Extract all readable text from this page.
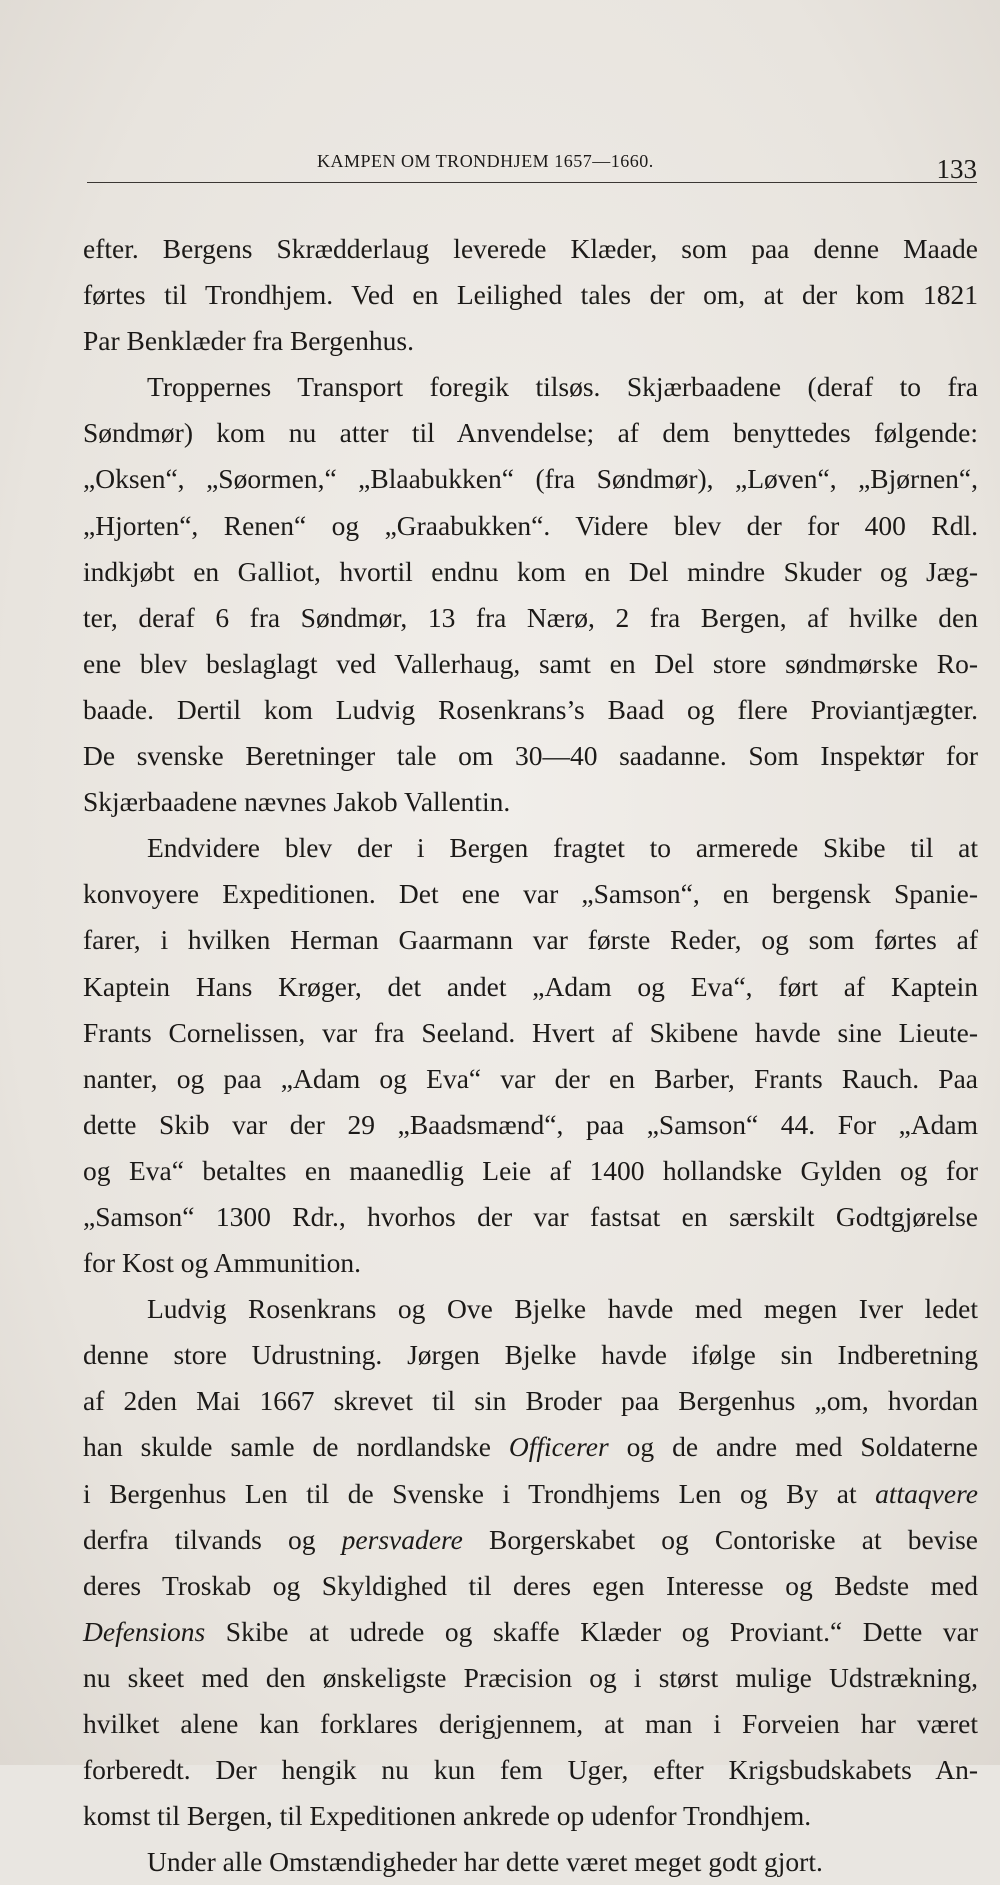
KAMPEN OM TRONDHJEM 1657—1660.	133
efter. Bergens Skrædderlaug leverede Klæder, som paa denne Maade
førtes til Trondhjem. Ved en Leilighed tales der om, at der kom 1821
Par Benklæder fra Bergenhus.
Troppernes Transport foregik tilsøs. Skjærbaadene (deraf to fra
Søndmør) kom nu atter til Anvendelse; af dem benyttedes følgende:
„Oksen“, „Søormen,“ „Blaabukken“ (fra Søndmør), „Løven“, „Bjørnen“,
„Hjorten“, Renen“ og „Graabukken“. Videre blev der for 400 Rdl.
indkjøbt en Galliot, hvortil endnu kom en Del mindre Skuder og Jæg-
ter, deraf 6 fra Søndmør, 13 fra Nærø, 2 fra Bergen, af hvilke den
ene blev beslaglagt ved Vallerhaug, samt en Del store søndmørske Ro-
baade. Dertil kom Ludvig Rosenkrans’s Baad og flere Proviantjægter.
De svenske Beretninger tale om 30—40 saadanne. Som Inspektør for
Skjærbaadene nævnes Jakob Vallentin.
Endvidere blev der i Bergen fragtet to armerede Skibe til at
konvoyere Expeditionen. Det ene var „Samson“, en bergensk Spanie-
farer, i hvilken Herman Gaarmann var første Reder, og som førtes af
Kaptein Hans Krøger, det andet „Adam og Eva“, ført af Kaptein
Frants Cornelissen, var fra Seeland. Hvert af Skibene havde sine Lieute-
nanter, og paa „Adam og Eva“ var der en Barber, Frants Rauch. Paa
dette Skib var der 29 „Baadsmænd“, paa „Samson“ 44. For „Adam
og Eva“ betaltes en maanedlig Leie af 1400 hollandske Gylden og for
„Samson“ 1300 Rdr., hvorhos der var fastsat en særskilt Godtgjørelse
for Kost og Ammunition.
Ludvig Rosenkrans og Ove Bjelke havde med megen Iver ledet
denne store Udrustning. Jørgen Bjelke havde ifølge sin Indberetning
af 2den Mai 1667 skrevet til sin Broder paa Bergenhus „om, hvordan
han skulde samle de nordlandske Officerer og de andre med Soldaterne
i Bergenhus Len til de Svenske i Trondhjems Len og By at attaqvere
derfra tilvands og persvadere Borgerskabet og Contoriske at bevise
deres Troskab og Skyldighed til deres egen Interesse og Bedste med
Defensions Skibe at udrede og skaffe Klæder og Proviant.“ Dette var
nu skeet med den ønskeligste Præcision og i størst mulige Udstrækning,
hvilket alene kan forklares derigjennem, at man i Forveien har været
forberedt. Der hengik nu kun fem Uger, efter Krigsbudskabets An-
komst til Bergen, til Expeditionen ankrede op udenfor Trondhjem.
Under alle Omstændigheder har dette været meget godt gjort.
